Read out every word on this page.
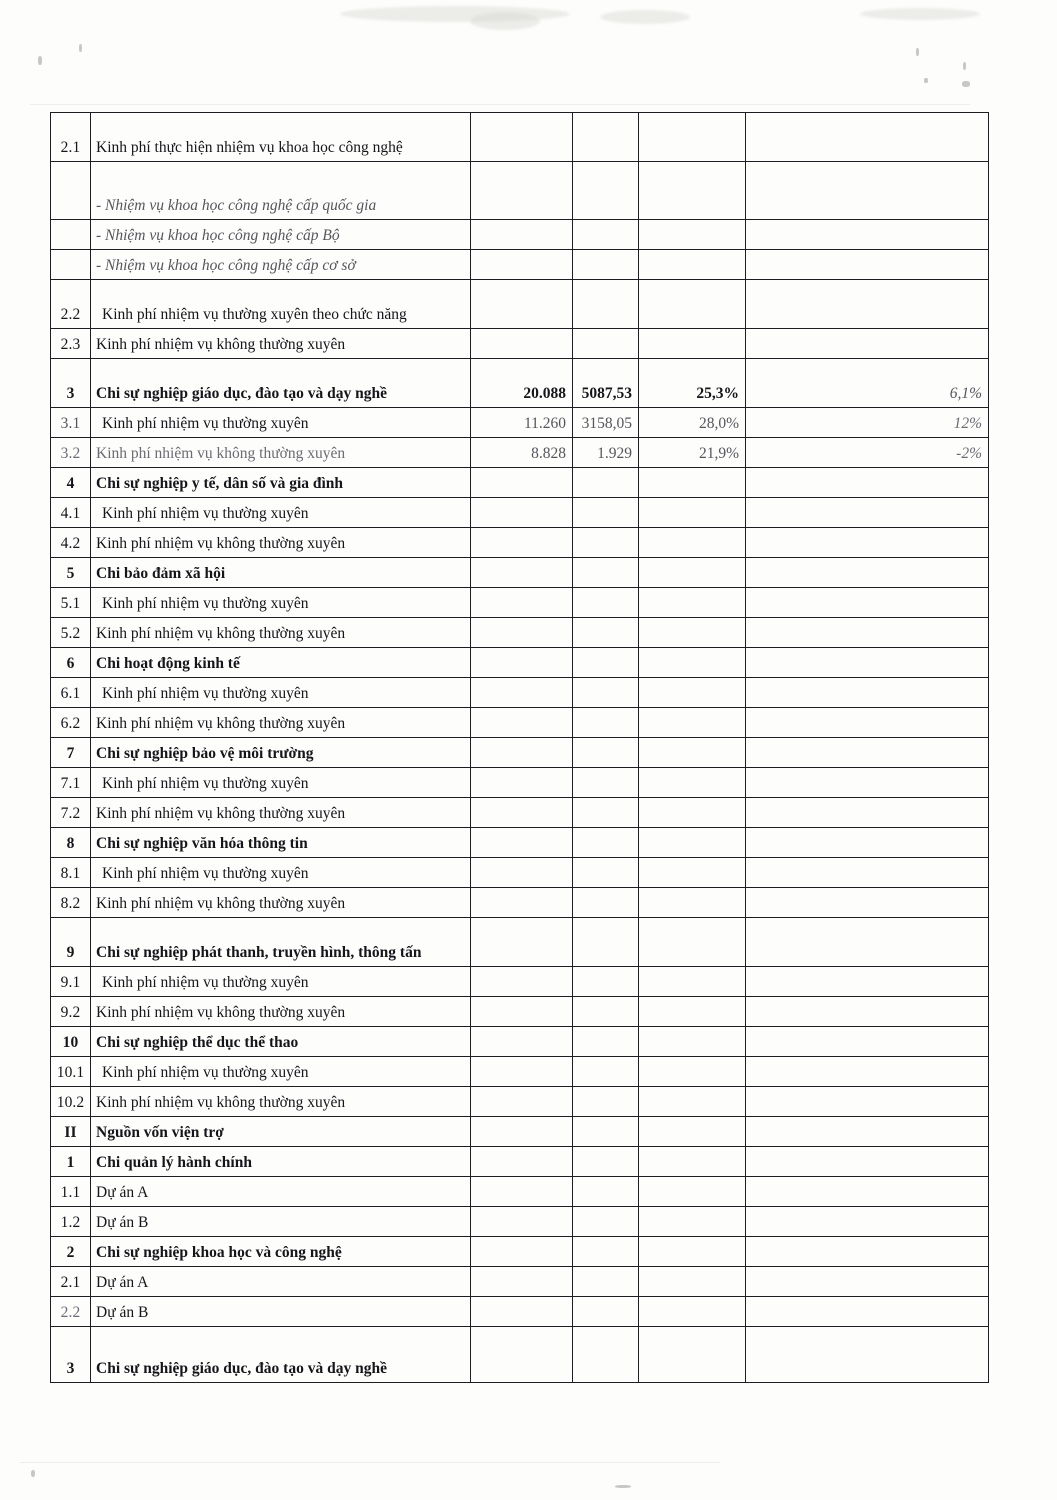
2.1	Kinh phí thực hiện nhiệm vụ khoa học công nghệ				

	- Nhiệm vụ khoa học công nghệ cấp quốc gia				

	- Nhiệm vụ khoa học công nghệ cấp Bộ				

	- Nhiệm vụ khoa học công nghệ cấp cơ sở				

2.2	Kinh phí nhiệm vụ thường xuyên theo chức năng				

2.3	Kinh phí nhiệm vụ không thường xuyên				

3	Chi sự nghiệp giáo dục, đào tạo và dạy nghề	20.088	5087,53	25,3%	6,1%

3.1	Kinh phí nhiệm vụ thường xuyên	11.260	3158,05	28,0%	12%

3.2	Kinh phí nhiệm vụ không thường xuyên	8.828	1.929	21,9%	-2%

4	Chi sự nghiệp y tế, dân số và gia đình				

4.1	Kinh phí nhiệm vụ thường xuyên				

4.2	Kinh phí nhiệm vụ không thường xuyên				

5	Chi bảo đảm xã hội				

5.1	Kinh phí nhiệm vụ thường xuyên				

5.2	Kinh phí nhiệm vụ không thường xuyên				

6	Chi hoạt động kinh tế				

6.1	Kinh phí nhiệm vụ thường xuyên				

6.2	Kinh phí nhiệm vụ không thường xuyên				

7	Chi sự nghiệp bảo vệ môi trường				

7.1	Kinh phí nhiệm vụ thường xuyên				

7.2	Kinh phí nhiệm vụ không thường xuyên				

8	Chi sự nghiệp văn hóa thông tin				

8.1	Kinh phí nhiệm vụ thường xuyên				

8.2	Kinh phí nhiệm vụ không thường xuyên				

9	Chi sự nghiệp phát thanh, truyền hình, thông tấn				

9.1	Kinh phí nhiệm vụ thường xuyên				

9.2	Kinh phí nhiệm vụ không thường xuyên				

10	Chi sự nghiệp thể dục thể thao				

10.1	Kinh phí nhiệm vụ thường xuyên				

10.2	Kinh phí nhiệm vụ không thường xuyên				

II	Nguồn vốn viện trợ				

1	Chi quản lý hành chính				

1.1	Dự án A				

1.2	Dự án B				

2	Chi sự nghiệp khoa học và công nghệ				

2.1	Dự án A				

2.2	Dự án B				

3	Chi sự nghiệp giáo dục, đào tạo và dạy nghề				
